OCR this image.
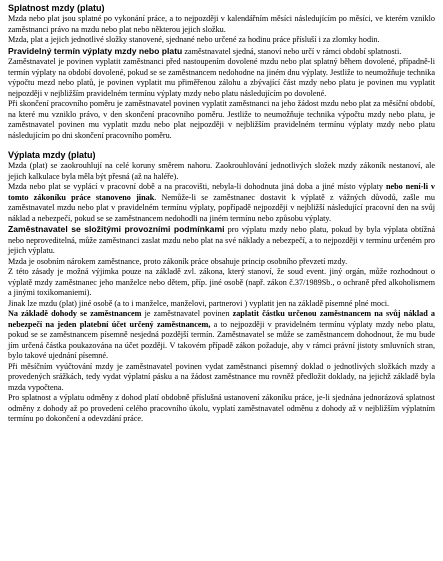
Splatnost mzdy (platu)

Mzda nebo plat jsou splatné po vykonání práce, a to nejpozději v kalendářním měsíci následujícím po měsíci, ve kterém vzniklo zaměstnanci právo na mzdu nebo plat nebo některou jejich složku.

Mzda, plat a jejich jednotlivé složky stanovené, sjednané nebo určené za hodinu práce přísluší i za zlomky hodin.

Pravidelný termín výplaty mzdy nebo platu zaměstnavatel sjedná, stanoví nebo určí v rámci období splatnosti.

Zaměstnavatel je povinen vyplatit zaměstnanci před nastoupením dovolené mzdu nebo plat splatný během dovolené, případně-li termín výplaty na období dovolené, pokud se se zaměstnancem nedohodne na jiném dnu výplaty. Jestliže to neumožňuje technika výpočtu mezd nebo platů, je povinen vyplatit mu přiměřenou zálohu a zbývající část mzdy nebo platu je povinen mu vyplatit nejpozději v nejbližším pravidelném termínu výplaty mzdy nebo platu následujícím po dovolené.

Při skončení pracovního poměru je zaměstnavatel povinen vyplatit zaměstnanci na jeho žádost mzdu nebo plat za měsíční období, na které mu vzniklo právo, v den skončení pracovního poměru. Jestliže to neumožňuje technika výpočtu mzdy nebo platu, je zaměstnavatel povinen mu vyplatit mzdu nebo plat nejpozději v nejbližším pravidelném termínu výplaty mzdy nebo platu následujícím po dni skončení pracovního poměru.

Výplata mzdy (platu)

Mzda (plat) se zaokrouhlují na celé koruny směrem nahoru. Zaokrouhlování jednotlivých složek mzdy zákoník nestanoví, ale jejich kalkulace byla měla být přesná (až na haléře).

Mzda nebo plat se vyplácí v pracovní době a na pracovišti, nebyla-li dohodnuta jiná doba a jiné místo výplaty nebo není-li v tomto zákoníku práce stanoveno jinak. Nemůže-li se zaměstnanec dostavit k výplatě z vážných důvodů, zašle mu zaměstnavatel mzdu nebo plat v pravidelném termínu výplaty, popřípadě nejpozději v nejbližší následující pracovní den na svůj náklad a nebezpečí, pokud se se zaměstnancem nedohodli na jiném termínu nebo způsobu výplaty.

Zaměstnavatel se složitými provozními podmínkami pro výplatu mzdy nebo platu, pokud by byla výplata obtížná nebo neproveditelná, může zaměstnanci zaslat mzdu nebo plat na své náklady a nebezpečí, a to nejpozději v termínu určeném pro jejich výplatu.

Mzda je osobním nárokem zaměstnance, proto zákoník práce obsahuje princip osobního převzetí mzdy.

Z této zásady je možná výjimka pouze na základě zvl. zákona, který stanoví, že soud event. jiný orgán, může rozhodnout o výplatě mzdy zaměstnanec jeho manželce nebo dětem, příp. jiné osobě (např. zákon č.37/1989Sb., o ochraně před alkoholismem a jinými toxikomaniemi).

Jinak lze mzdu (plat) jiné osobě (a to i manželce, manželovi, partnerovi ) vyplatit jen na základě písemné plné moci.

Na základě dohody se zaměstnancem je zaměstnavatel povinen zaplatit částku určenou zaměstnancem na svůj náklad a nebezpečí na jeden platební účet určený zaměstnancem, a to nejpozději v pravidelném termínu výplaty mzdy nebo platu, pokud se se zaměstnancem písemně nesjedná pozdější termín. Zaměstnavatel se může se zaměstnancem dohodnout, že mu bude jím určená částka poukazována na účet později. V takovém případě zákon požaduje, aby v rámci právní jistoty smluvních stran, bylo takové ujednání písemné.

Při měsíčním vyúčtování mzdy je zaměstnavatel povinen vydat zaměstnanci písemný doklad o jednotlivých složkách mzdy a provedených srážkách, tedy vydat výplatní pásku a na žádost zaměstnance mu rovněž předložit doklady, na jejichž základě byla mzda vypočtena.

Pro splatnost a výplatu odměny z dohod platí obdobně příslušná ustanovení zákoníku práce, je-li sjednána jednorázová splatnost odměny z dohody až po provedení celého pracovního úkolu, vyplatí zaměstnavatel odměnu z dohody až v nejbližším výplatním termínu po dokončení a odevzdání práce.
